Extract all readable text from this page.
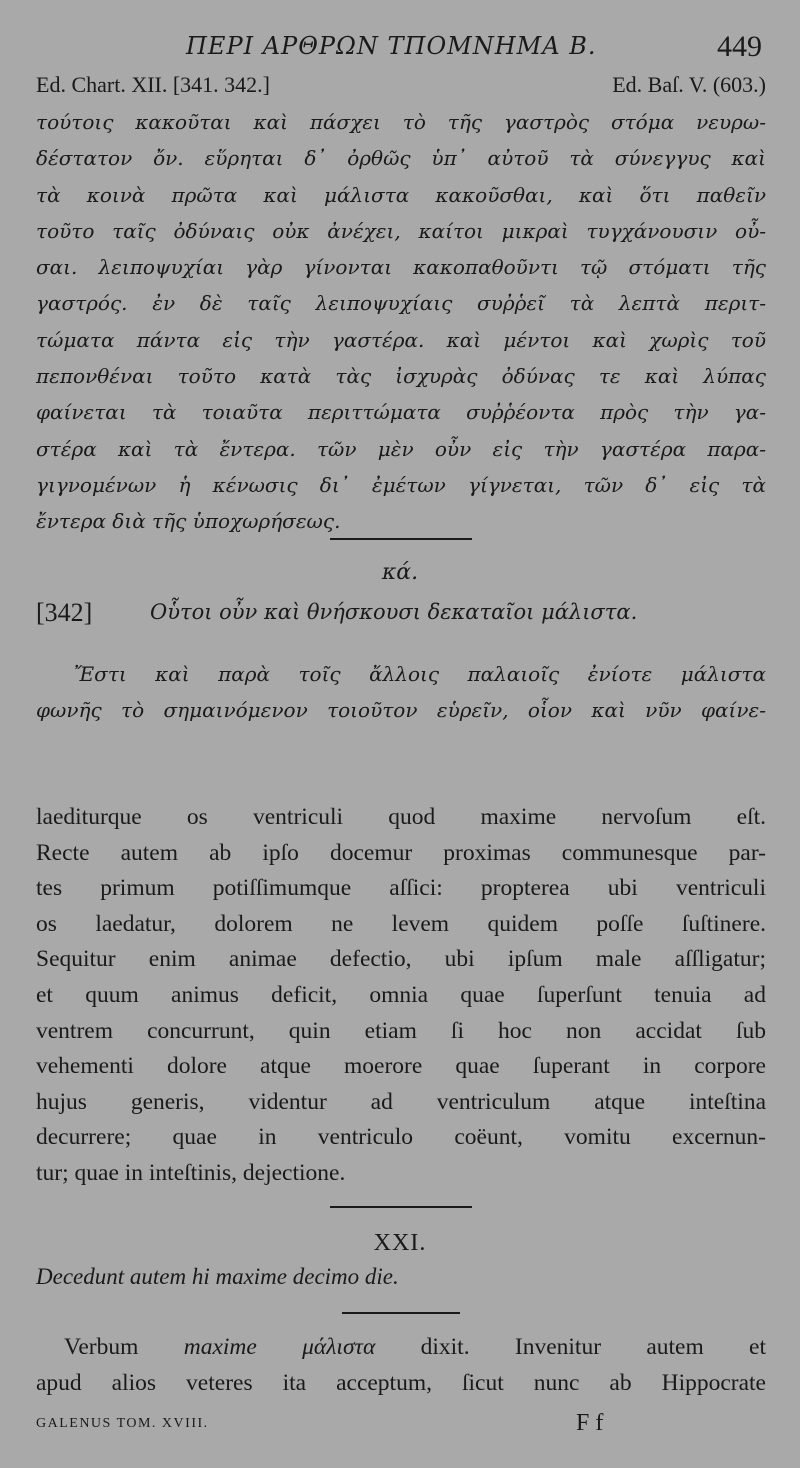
ΠΕΡΙ ΑΡΘΡΩΝ ΤΠΟΜΝΗΜΑ Β.	449
Ed. Chart. XII. [341. 342.]	Ed. Baſ. V. (603.)
τούτοις κακοῦται καὶ πάσχει τὸ τῆς γαστρὸς στόμα νευρω-
δέστατον ὄν. εὕρηται δ᾽ ὀρθῶς ὑπ᾽ αὐτοῦ τὰ σύνεγγυς καὶ
τὰ κοινὰ πρῶτα καὶ μάλιστα κακοῦσθαι, καὶ ὅτι παθεῖν
τοῦτο ταῖς ὀδύναις οὐκ ἀνέχει, καίτοι μικραὶ τυγχάνουσιν οὖ-
σαι. λειποψυχίαι γὰρ γίνονται κακοπαθοῦντι τῷ στόματι τῆς
γαστρός. ἐν δὲ ταῖς λειποψυχίαις συῤῥεῖ τὰ λεπτὰ περιτ-
τώματα πάντα εἰς τὴν γαστέρα. καὶ μέντοι καὶ χωρὶς τοῦ
πεπονθέναι τοῦτο κατὰ τὰς ἰσχυρὰς ὀδύνας τε καὶ λύπας
φαίνεται τὰ τοιαῦτα περιττώματα συῤῥέοντα πρὸς τὴν γα-
στέρα καὶ τὰ ἔντερα. τῶν μὲν οὖν εἰς τὴν γαστέρα παρα-
γιγνομένων ἡ κένωσις δι᾽ ἐμέτων γίγνεται, τῶν δ᾽ εἰς τὰ
ἔντερα διὰ τῆς ὑποχωρήσεως.
κά.
[342]	Οὗτοι οὖν καὶ θνήσκουσι δεκαταῖοι μάλιστα.
Ἔστι καὶ παρὰ τοῖς ἄλλοις παλαιοῖς ἐνίοτε μάλιστα
φωνῆς τὸ σημαινόμενον τοιοῦτον εὑρεῖν, οἷον καὶ νῦν φαίνε-
laediturque os ventriculi quod maxime nervoſum eſt.
Recte autem ab ipſo docemur proximas communesque par-
tes primum potiſſimumque aſſici: propterea ubi ventriculi
os laedatur, dolorem ne levem quidem poſſe ſuſtinere.
Sequitur enim animae defectio, ubi ipſum male aſſligatur;
et quum animus deficit, omnia quae ſuperſunt tenuia ad
ventrem concurrunt, quin etiam ſi hoc non accidat ſub
vehementi dolore atque moerore quae ſuperant in corpore
hujus generis, videntur ad ventriculum atque inteſtina
decurrere; quae in ventriculo coëunt, vomitu excernun-
tur; quae in inteſtinis, dejectione.
XXI.
Decedunt autem hi maxime decimo die.
Verbum maxime μάλιστα dixit. Invenitur autem et
apud alios veteres ita acceptum, ſicut nunc ab Hippocrate
GALENUS TOM. XVIII.	F f
